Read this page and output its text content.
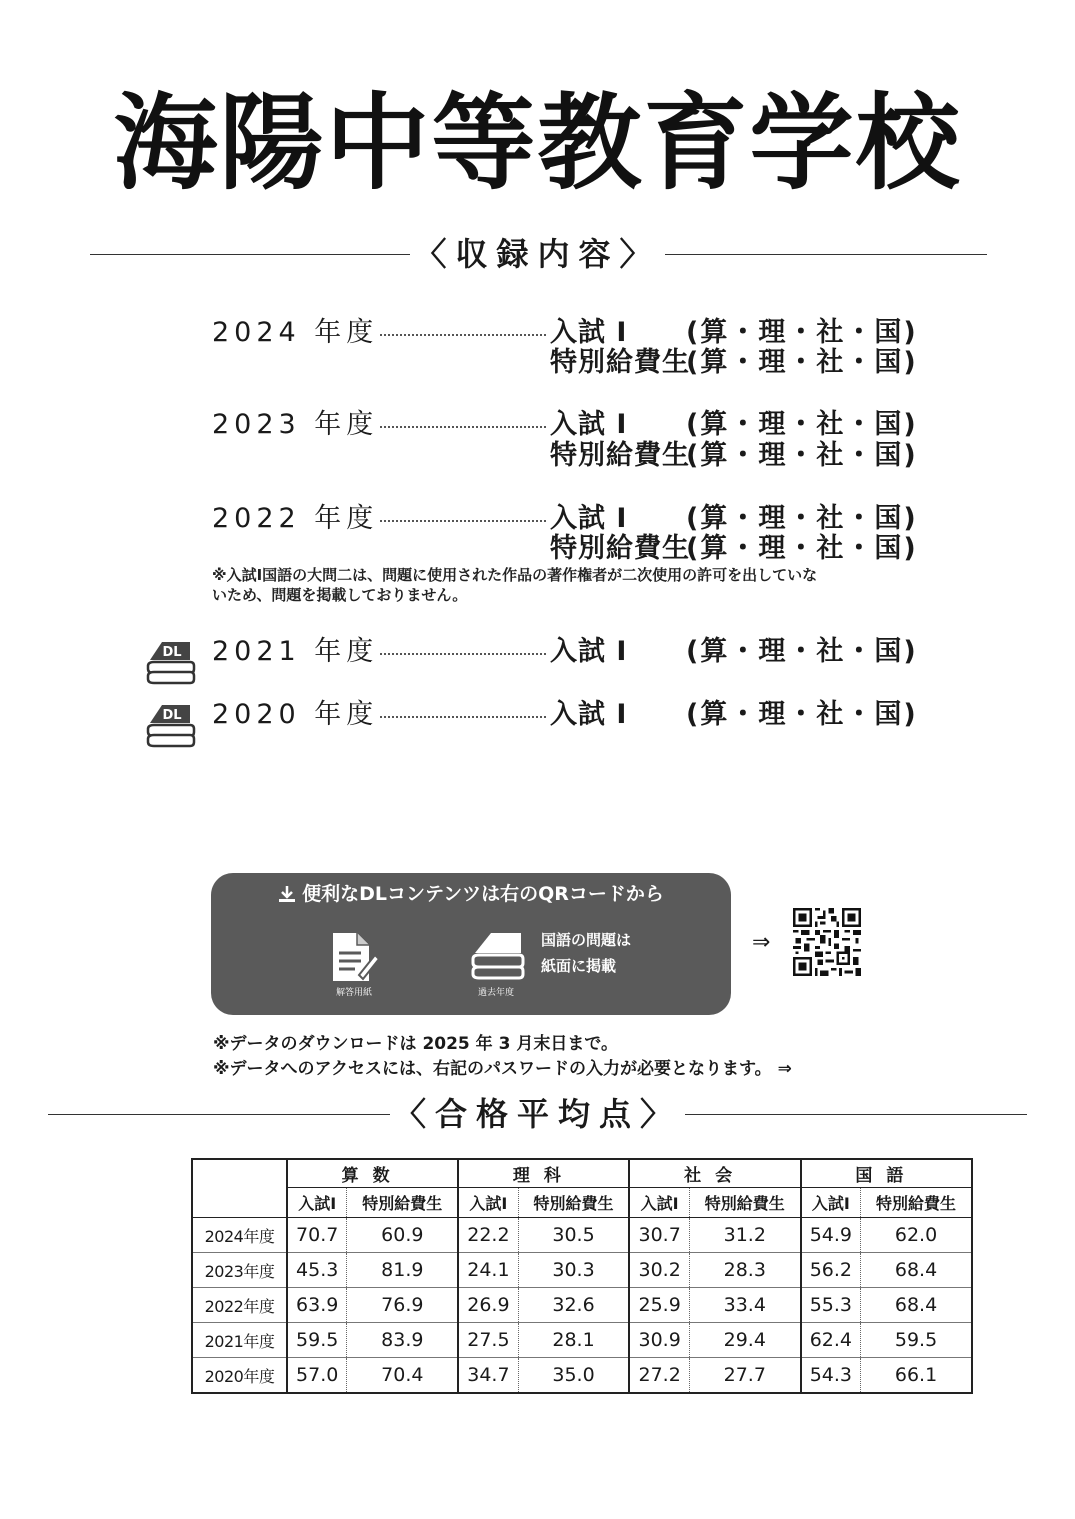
海陽中等教育学校
〈収録内容〉
2024 年度	入試 Ⅰ (算・理・社・国)
特別給費生
(算・理・社・国)
2023 年度	入試 Ⅰ (算・理・社・国)
特別給費生
(算・理・社・国)
2022 年度	入試 Ⅰ (算・理・社・国)
特別給費生
(算・理・社・国)
※入試Ⅰ国語の大問二は、問題に使用された作品の著作権者が二次使用の許可を出していな
いため、問題を掲載しておりません。
DL 2021 年度	入試 Ⅰ (算・理・社・国)
DL 2020 年度	入試 Ⅰ (算・理・社・国)
便利なDLコンテンツは右のQRコードから
解答用紙	過去年度
国語の問題は
紙面に掲載
⇒
※データのダウンロードは 2025 年 3 月末日まで。
※データへのアクセスには、右記のパスワードの入力が必要となります。 ⇒
〈合格平均点〉
	算数		理科		社会		国語	
	入試Ⅰ	特別給費生	入試Ⅰ	特別給費生	入試Ⅰ	特別給費生	入試Ⅰ	特別給費生
2024年度	70.7	60.9	22.2	30.5	30.7	31.2	54.9	62.0
2023年度	45.3	81.9	24.1	30.3	30.2	28.3	56.2	68.4
2022年度	63.9	76.9	26.9	32.6	25.9	33.4	55.3	68.4
2021年度	59.5	83.9	27.5	28.1	30.9	29.4	62.4	59.5
2020年度	57.0	70.4	34.7	35.0	27.2	27.7	54.3	66.1
